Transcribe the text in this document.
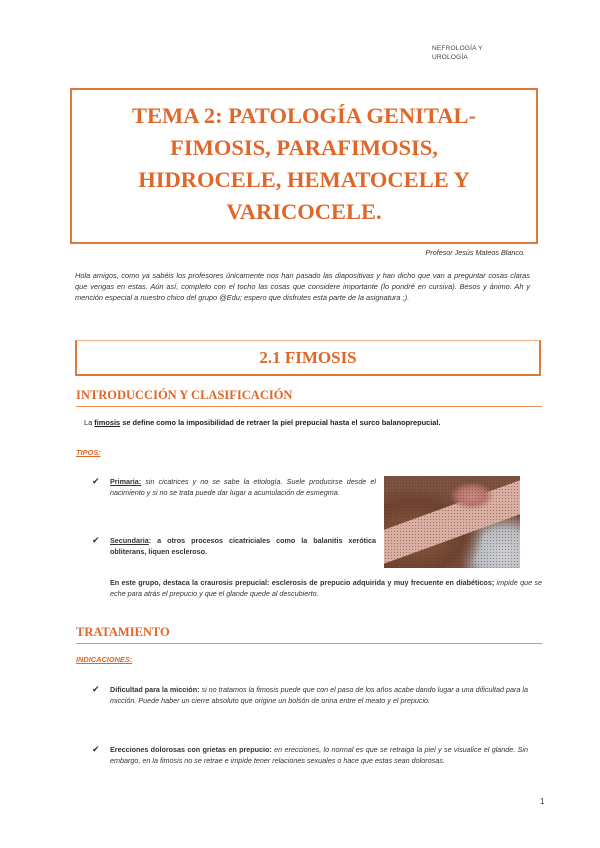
NEFROLOGÍA Y
UROLOGÍA
TEMA 2: PATOLOGÍA GENITAL-
FIMOSIS, PARAFIMOSIS,
HIDROCELE, HEMATOCELE Y
VARICOCELE.
Profesor Jesús Mateos Blanco.
Hola amigos, como ya sabéis los profesores únicamente nos han pasado las diapositivas y han dicho que van a preguntar cosas claras que vengas en estas. Aún así, completo con el tocho las cosas que considere importante (lo pondré en cursiva). Besos y ánimo. Ah y mención especial a nuestro chico del grupo @Edu; espero que disfrutes esta parte de la asignatura ;).
2.1 FIMOSIS
INTRODUCCIÓN Y CLASIFICACIÓN
La fimosis se define como la imposibilidad de retraer la piel prepucial hasta el surco balanoprepucial.
TIPOS:
✔ Primaria: sin cicatrices y no se sabe la etiología. Suele producirse desde el nacimiento y si no se trata puede dar lugar a acumulación de esmegma.
✔ Secundaria: a otros procesos cicatriciales como la balanitis xerótica obliterans, liquen escleroso.
En este grupo, destaca la craurosis prepucial: esclerosis de prepucio adquirida y muy frecuente en diabéticos; impide que se eche para atrás el prepucio y que el glande quede al descubierto.
TRATAMIENTO
INDICACIONES:
✔ Dificultad para la micción: si no tratamos la fimosis puede que con el paso de los años acabe dando lugar a una dificultad para la micción. Puede haber un cierre absoluto que origine un bolsón de orina entre el meato y el prepucio.
✔ Erecciones dolorosas con grietas en prepucio: en erecciones, lo normal es que se retraiga la piel y se visualice el glande. Sin embargo, en la fimosis no se retrae e impide tener relaciones sexuales o hace que estas sean dolorosas.
1
